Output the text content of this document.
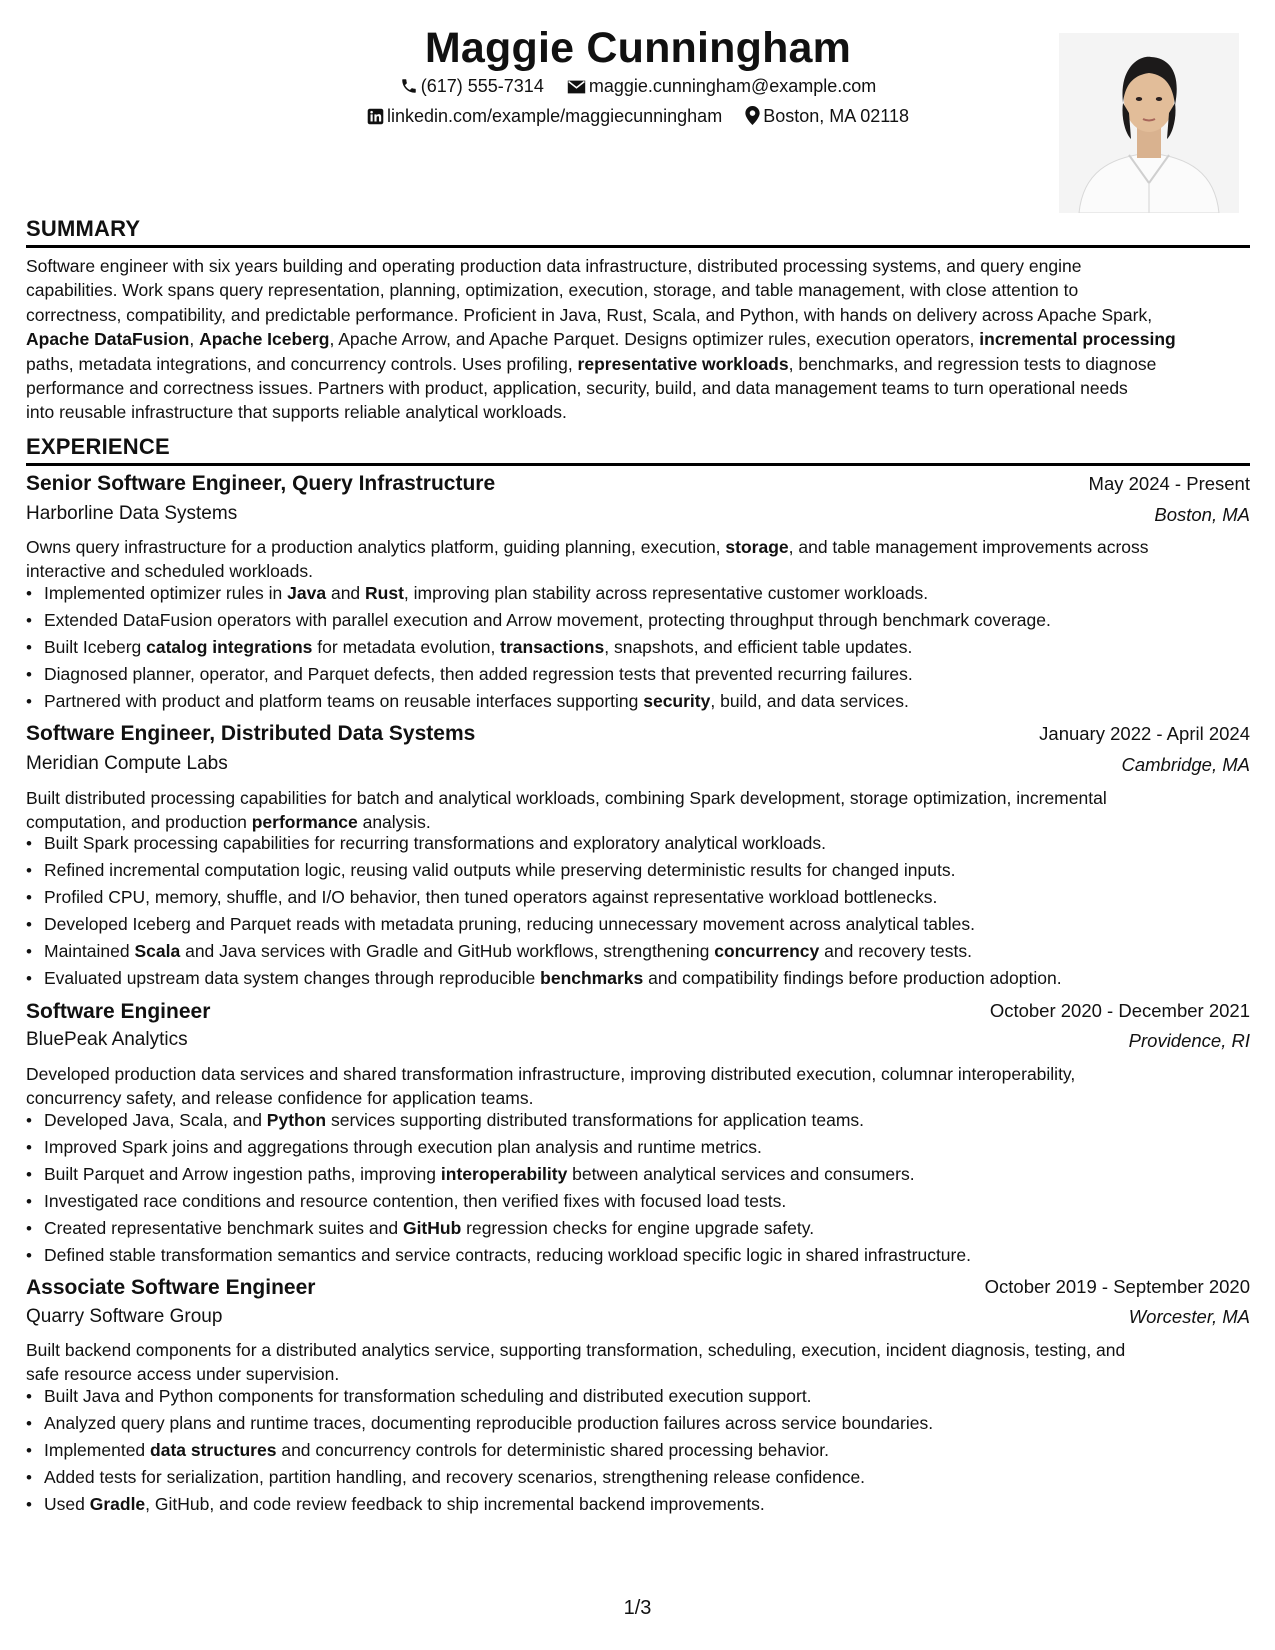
Maggie Cunningham
(617) 555-7314	maggie.cunningham@example.com
linkedin.com/example/maggiecunningham Boston, MA 02118
SUMMARY
Software engineer with six years building and operating production data infrastructure, distributed processing systems, and query engine
capabilities. Work spans query representation, planning, optimization, execution, storage, and table management, with close attention to
correctness, compatibility, and predictable performance. Proficient in Java, Rust, Scala, and Python, with hands on delivery across Apache Spark,
Apache DataFusion, Apache Iceberg, Apache Arrow, and Apache Parquet. Designs optimizer rules, execution operators, incremental processing
paths, metadata integrations, and concurrency controls. Uses profiling, representative workloads, benchmarks, and regression tests to diagnose
performance and correctness issues. Partners with product, application, security, build, and data management teams to turn operational needs
into reusable infrastructure that supports reliable analytical workloads.
EXPERIENCE
Senior Software Engineer, Query Infrastructure	May 2024 - Present
Harborline Data Systems	Boston, MA
Owns query infrastructure for a production analytics platform, guiding planning, execution, storage, and table management improvements across
interactive and scheduled workloads.
• Implemented optimizer rules in Java and Rust, improving plan stability across representative customer workloads.
• Extended DataFusion operators with parallel execution and Arrow movement, protecting throughput through benchmark coverage.
• Built Iceberg catalog integrations for metadata evolution, transactions, snapshots, and efficient table updates.
• Diagnosed planner, operator, and Parquet defects, then added regression tests that prevented recurring failures.
• Partnered with product and platform teams on reusable interfaces supporting security, build, and data services.
Software Engineer, Distributed Data Systems	January 2022 - April 2024
Meridian Compute Labs	Cambridge, MA
Built distributed processing capabilities for batch and analytical workloads, combining Spark development, storage optimization, incremental
computation, and production performance analysis.
• Built Spark processing capabilities for recurring transformations and exploratory analytical workloads.
• Refined incremental computation logic, reusing valid outputs while preserving deterministic results for changed inputs.
• Profiled CPU, memory, shuffle, and I/O behavior, then tuned operators against representative workload bottlenecks.
• Developed Iceberg and Parquet reads with metadata pruning, reducing unnecessary movement across analytical tables.
• Maintained Scala and Java services with Gradle and GitHub workflows, strengthening concurrency and recovery tests.
• Evaluated upstream data system changes through reproducible benchmarks and compatibility findings before production adoption.
Software Engineer	October 2020 - December 2021
BluePeak Analytics	Providence, RI
Developed production data services and shared transformation infrastructure, improving distributed execution, columnar interoperability,
concurrency safety, and release confidence for application teams.
• Developed Java, Scala, and Python services supporting distributed transformations for application teams.
• Improved Spark joins and aggregations through execution plan analysis and runtime metrics.
• Built Parquet and Arrow ingestion paths, improving interoperability between analytical services and consumers.
• Investigated race conditions and resource contention, then verified fixes with focused load tests.
• Created representative benchmark suites and GitHub regression checks for engine upgrade safety.
• Defined stable transformation semantics and service contracts, reducing workload specific logic in shared infrastructure.
Associate Software Engineer	October 2019 - September 2020
Quarry Software Group	Worcester, MA
Built backend components for a distributed analytics service, supporting transformation, scheduling, execution, incident diagnosis, testing, and
safe resource access under supervision.
• Built Java and Python components for transformation scheduling and distributed execution support.
• Analyzed query plans and runtime traces, documenting reproducible production failures across service boundaries.
• Implemented data structures and concurrency controls for deterministic shared processing behavior.
• Added tests for serialization, partition handling, and recovery scenarios, strengthening release confidence.
• Used Gradle, GitHub, and code review feedback to ship incremental backend improvements.
1/3
